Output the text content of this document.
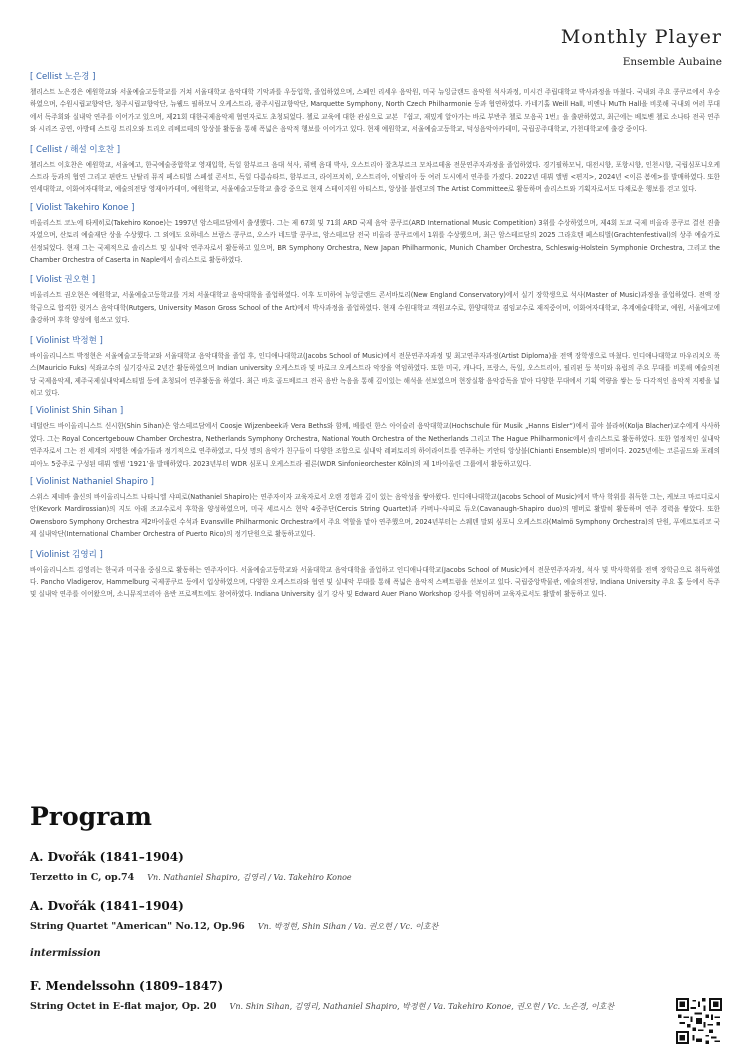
Monthly Player
Ensemble Aubaine
[ Cellist 노은경 ]
첼리스트 노은경은 예원학교와 서울예술고등학교를 거쳐 서울대학교 음악대학 기악과를 우등입학, 졸업하였으며, 스페인 리세우 음악원, 미국 뉴잉글랜드 음악원 석사과정, 미시건 주립대학교 박사과정을 마쳤다. 국내외 주요 콩쿠르에서 우승하였으며, 수원시립교향악단, 청주시립교향악단, 뉴웰드 필하모닉 오케스트라, 광주시립교향악단, Marquette Symphony, North Czech Philharmonie 등과 협연하였다. 카네기홀 Weill Hall, 비엔나 MuTh Hall을 비롯해 국내외 여러 무대에서 독주회와 실내악 연주를 이어가고 있으며, 제21회 대한국제음악제 협연자로도 초청되었다. 첼로 교육에 대한 관심으로 교본 『쉽고, 재밌게 알아가는 바로 부반주 첼로 모음곡 1번』을 출판하였고, 최근에는 베토벤 첼로 소나타 전곡 연주와 시리즈 공연, 아방테 스트링 트리오와 트리오 리베르테의 앙상블 활동을 통해 폭넓은 음악적 행보를 이어가고 있다. 현재 예원학교, 서울예술고등학교, 덕성음악아카데미, 국립공주대학교, 가천대학교에 출강 중이다.
[ Cellist / 해설 이호찬 ]
첼리스트 이호찬은 예원학교, 서울예고, 한국예술종합학교 영재입학, 독일 함부르크 음대 석사, 뤼벡 음대 박사, 오스트리아 잘츠부르크 모차르테움 전문연주자과정을 졸업하였다. 경기필하모닉, 대전시향, 포항시향, 인천시향, 국립심포니오케스트라 등과의 협연 그리고 핀란드 난탈리 뮤직 페스티벌 스페셜 콘서트, 독일 다름슈타트, 함부르크, 라이프치히, 오스트리아, 이탈리아 등 여러 도시에서 연주를 가졌다. 2022년 데뷔 앨범 <편지>, 2024년 <이른 봄에>를 발매하였다. 또한 연세대학교, 이화여자대학교, 예술의전당 영재아카데미, 예원학교, 서울예술고등학교 출강 중으로 현재 스테이지원 아티스트, 앙상블 블렌고의 The Artist Committee로 활동하며 솔리스트와 기획자로서도 다채로운 행보를 걷고 있다.
[ Violist Takehiro Konoe ]
비올리스트 코노에 타케히로(Takehiro Konoe)는 1997년 암스테르담에서 출생했다. 그는 제 67회 및 71회 ARD 국제 음악 콩쿠르(ARD International Music Competition) 3위를 수상하였으며, 제4회 도쿄 국제 비올라 콩쿠르 결선 진출자였으며, 산토리 예술재단 상을 수상했다. 그 외에도 요하네스 브람스 콩쿠르, 오스카 네드발 콩쿠르, 암스테르담 전국 비올라 콩쿠르에서 1위를 수상했으며, 최근 암스테르담의 2025 그라흐텐 페스티벌(Grachtenfestival)의 상주 예술가로 선정되었다. 현재 그는 국제적으로 솔리스트 및 실내악 연주자로서 활동하고 있으며, BR Symphony Orchestra, New Japan Philharmonic, Munich Chamber Orchestra, Schleswig-Holstein Symphonie Orchestra, 그리고 the Chamber Orchestra of Caserta in Naple에서 솔리스트로 활동하였다.
[ Violist 권오현 ]
비올리스트 권오현은 예원학교, 서울예술고등학교를 거쳐 서울대학교 음악대학을 졸업하였다. 이후 도미하여 뉴잉글랜드 콘서바토리(New England Conservatory)에서 실기 장학생으로 석사(Master of Music)과정을 졸업하였다. 전액 장학금으로 합격한 럿거스 음악대학(Rutgers, University Mason Gross School of the Art)에서 박사과정을 졸업하였다. 현재 수원대학교 객원교수로, 한양대학교 겸임교수로 재직중이며, 이화여자대학교, 추계예술대학교, 예원, 서울예고에 출강하며 후학 양성에 힘쓰고 있다.
[ Violinist 박정현 ]
바이올리니스트 박정현은 서울예술고등학교와 서울대학교 음악대학을 졸업 후, 인디애나대학교(Jacobs School of Music)에서 전문연주자과정 및 최고연주자과정(Artist Diploma)을 전액 장학생으로 마쳤다. 인디애나대학교 마우리치오 푹스(Mauricio Fuks) 석좌교수의 실기강사로 2년간 활동하였으며 Indian university 오케스트라 및 바로크 오케스트라 악장을 역임하였다. 또한 미국, 캐나다, 프랑스, 독일, 오스트리아, 필리핀 등 북미와 유럽의 주요 무대를 비롯해 예술의전당 국제음악제, 제주국제실내악페스티벌 등에 초청되어 연주활동을 하였다. 최근 바흐 골드베르크 전곡 음반 녹음을 통해 깊이있는 해석을 선보였으며 현장실황 음악감독을 맡아 다양한 무대에서 기획 역량을 쌓는 등 다각적인 음악적 지평을 넓히고 있다.
[ Violinist Shin Sihan ]
네덜란드 바이올리니스트 신시한(Shin Sihan)은 암스테르담에서 Coosje Wijzenbeek과 Vera Beths와 함께, 베를린 한스 아이슬러 음악대학교(Hochschule für Musik „Hanns Eisler“)에서 콜야 블라허(Kolja Blacher)교수에게 사사하였다. 그는 Royal Concertgebouw Chamber Orchestra, Netherlands Symphony Orchestra, National Youth Orchestra of the Netherlands 그리고 The Hague Philharmonic에서 솔리스트로 활동하였다. 또한 열정적인 실내악 연주자로서 그는 전 세계의 저명한 예술가들과 정기적으로 연주하였고, 다섯 명의 음악가 친구들이 다양한 조합으로 실내악 레퍼토리의 하이라이트를 연주하는 키안티 앙상블(Chianti Ensemble)의 멤버이다. 2025년에는 코른골드와 포레의 피아노 5중주로 구성된 데뷔 앨범 ‘1921’을 발매하였다. 2023년부터 WDR 심포니 오케스트라 쾰른(WDR Sinfonieorchester Köln)의 제 1바이올린 그룹에서 활동하고있다.
[ Violinist Nathaniel Shapiro ]
스위스 제네바 출신의 바이올리니스트 나타니엘 샤피로(Nathaniel Shapiro)는 연주자이자 교육자로서 오랜 경험과 깊이 있는 음악성을 쌓아왔다. 인디애나대학교(Jacobs School of Music)에서 박사 학위를 취득한 그는, 케보크 마르디로시안(Kevork Mardirossian)의 지도 아래 조교수로서 후학을 양성하였으며, 미국 세르시스 현악 4중주단(Cercis String Quartet)과 카버나-샤피로 듀오(Cavanaugh-Shapiro duo)의 멤버로 활발히 활동하며 연주 경력을 쌓았다. 또한 Owensboro Symphony Orchestra 제2바이올린 수석과 Evansville Philharmonic Orchestra에서 주요 역할을 맡아 연주했으며, 2024년부터는 스웨덴 말뫼 심포니 오케스트라(Malmö Symphony Orchestra)의 단원, 푸에르토리코 국제 실내악단(International Chamber Orchestra of Puerto Rico)의 정기단원으로 활동하고있다.
[ Violinist 김영리 ]
바이올리니스트 김영리는 한국과 미국을 중심으로 활동하는 연주자이다. 서울예술고등학교와 서울대학교 음악대학을 졸업하고 인디애나대학교(Jacobs School of Music)에서 전문연주자과정, 석사 및 박사학위를 전액 장학금으로 취득하였다. Pancho Vladigerov, Hammelburg 국제콩쿠르 등에서 입상하였으며, 다양한 오케스트라와 협연 및 실내악 무대를 통해 폭넓은 음악적 스펙트럼을 선보이고 있다. 국립중앙박물관, 예술의전당, Indiana University 주요 홀 등에서 독주 및 실내악 연주를 이어왔으며, 소니뮤직코리아 음반 프로젝트에도 참여하였다. Indiana University 실기 강사 및 Edward Auer Piano Workshop 강사를 역임하며 교육자로서도 활발히 활동하고 있다.
Program
A. Dvořák (1841–1904)
Terzetto in C, op.74 Vn. Nathaniel Shapiro, 김영리 / Va. Takehiro Konoe
A. Dvořák (1841–1904)
String Quartet "American" No.12, Op.96 Vn. 박정현, Shin Sihan / Va. 권오현 / Vc. 이호찬
intermission
F. Mendelssohn (1809–1847)
String Octet in E-flat major, Op. 20 Vn. Shin Sihan, 김영리, Nathaniel Shapiro, 박정현 / Va. Takehiro Konoe, 권오현 / Vc. 노은경, 이호찬
